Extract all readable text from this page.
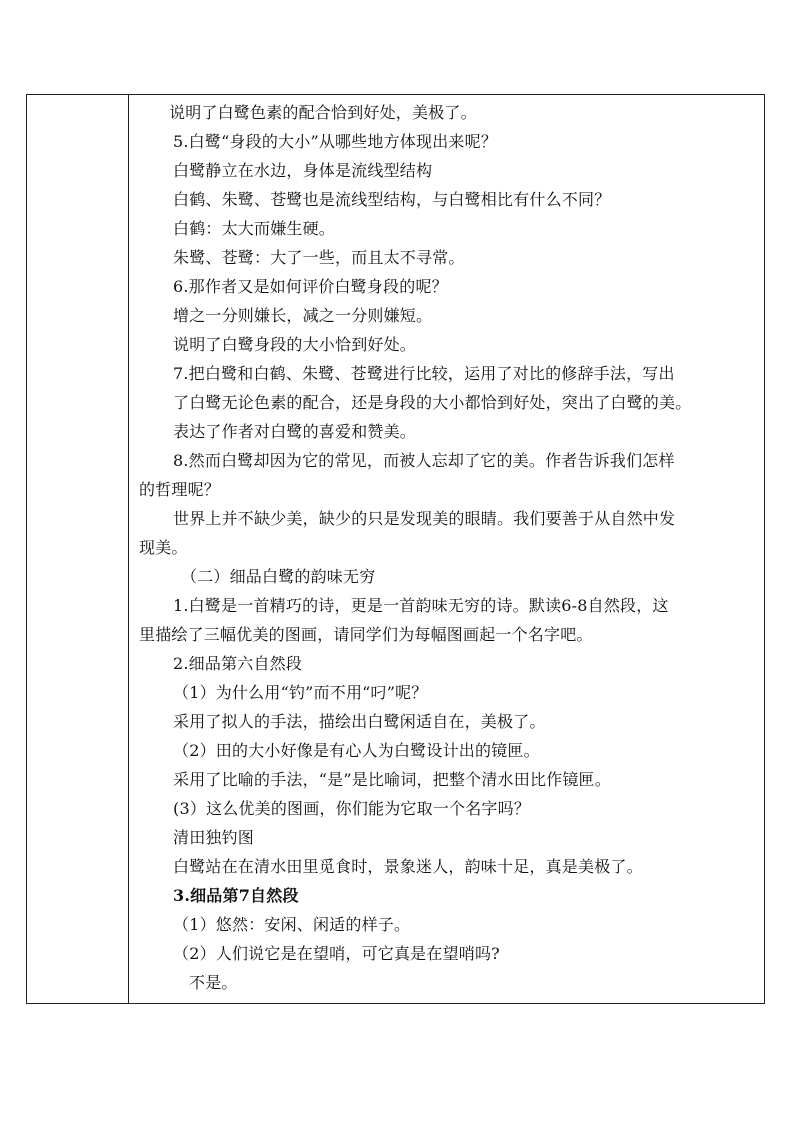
说明了白鹭色素的配合恰到好处，美极了。
5.白鹭“身段的大小”从哪些地方体现出来呢？
白鹭静立在水边，身体是流线型结构
白鹤、朱鹭、苍鹭也是流线型结构，与白鹭相比有什么不同？
白鹤：太大而嫌生硬。
朱鹭、苍鹭：大了一些，而且太不寻常。
6.那作者又是如何评价白鹭身段的呢？
增之一分则嫌长，减之一分则嫌短。
说明了白鹭身段的大小恰到好处。
7.把白鹭和白鹤、朱鹭、苍鹭进行比较，运用了对比的修辞手法，写出
了白鹭无论色素的配合，还是身段的大小都恰到好处，突出了白鹭的美。
表达了作者对白鹭的喜爱和赞美。
8.然而白鹭却因为它的常见，而被人忘却了它的美。作者告诉我们怎样
的哲理呢？
世界上并不缺少美，缺少的只是发现美的眼睛。我们要善于从自然中发
现美。
（二）细品白鹭的韵味无穷
1.白鹭是一首精巧的诗，更是一首韵味无穷的诗。默读6-8自然段，这
里描绘了三幅优美的图画，请同学们为每幅图画起一个名字吧。
2.细品第六自然段
（1）为什么用“钓”而不用“叼”呢？
采用了拟人的手法，描绘出白鹭闲适自在，美极了。
（2）田的大小好像是有心人为白鹭设计出的镜匣。
采用了比喻的手法，“是”是比喻词，把整个清水田比作镜匣。
(3）这么优美的图画，你们能为它取一个名字吗？
清田独钓图
白鹭站在在清水田里觅食时，景象迷人，韵味十足，真是美极了。
3.细品第7自然段
（1）悠然：安闲、闲适的样子。
（2）人们说它是在望哨，可它真是在望哨吗?
不是。
